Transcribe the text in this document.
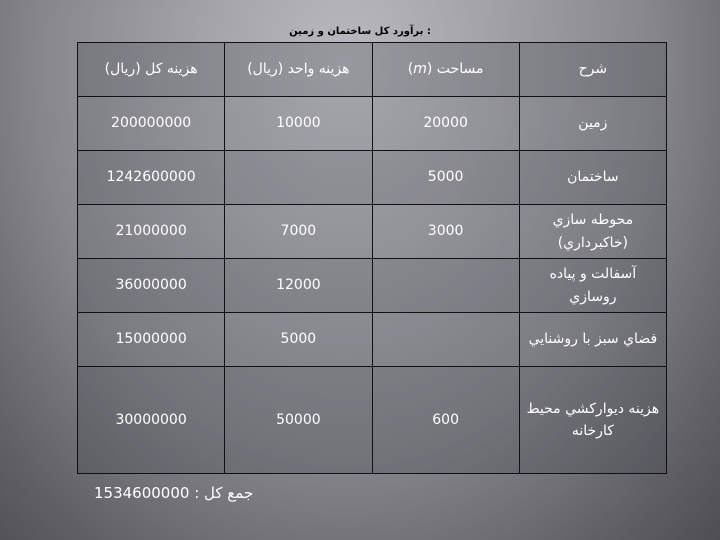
: برآورد كل ساختمان و زمين
شرح	مساحت (m)	هزينه واحد (ريال)	هزينه كل (ريال)
زمين	20000	10000	200000000
ساختمان	5000		1242600000
محوطه سازي (خاكبرداري)	3000	7000	21000000
آسفالت و پياده روسازي		12000	36000000
فضاي سبز با روشنايي		5000	15000000
هزينه ديواركشي محيط كارخانه	600	50000	30000000
جمع كل : 1534600000
